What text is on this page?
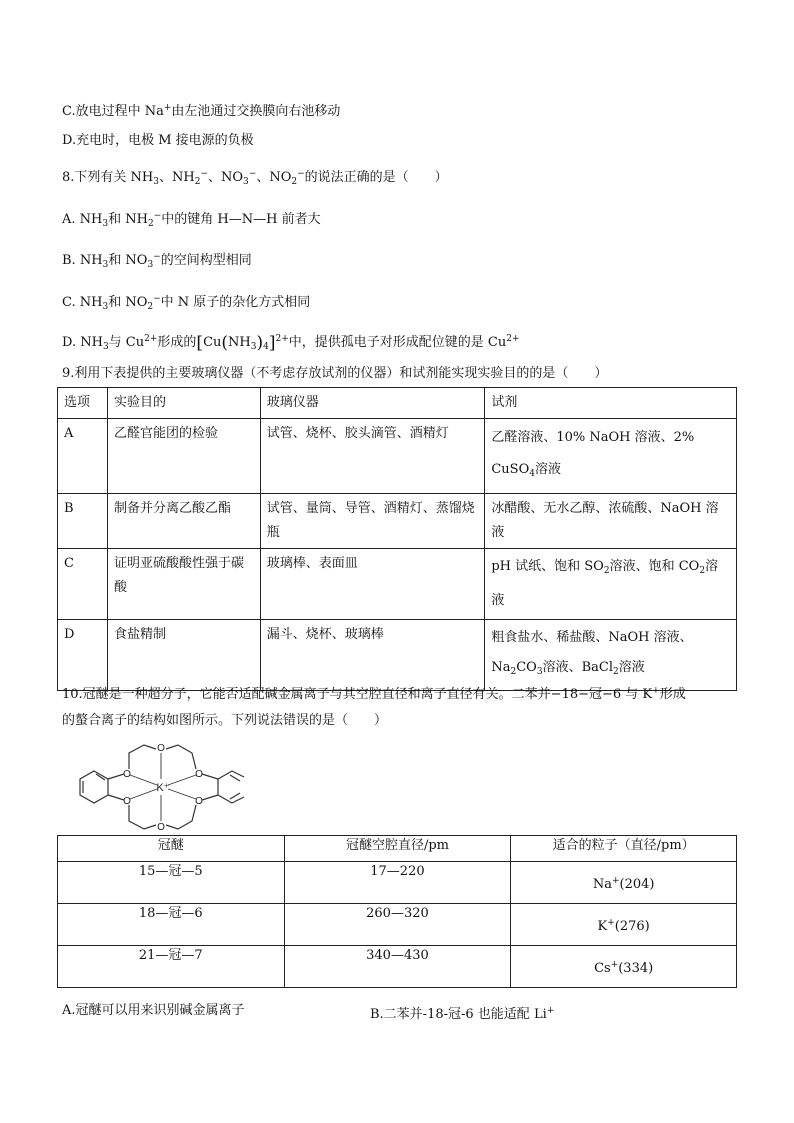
C.放电过程中 Na+由左池通过交换膜向右池移动
D.充电时，电极 M 接电源的负极
8.下列有关 $NH_3$、$NH_2^-$、$NO_3^-$、$NO_2^-$的说法正确的是（　　）
A. $NH_3$和 $NH_2^-$中的键角 H—N—H 前者大
B. $NH_3$和 $NO_3^-$的空间构型相同
C. $NH_3$和 $NO_2^-$中 N 原子的杂化方式相同
D. $NH_3$与 $Cu^{2+}$形成的$[Cu(NH_3)_4]^{2+}$中，提供孤电子对形成配位键的是 $Cu^{2+}$
9.利用下表提供的主要玻璃仪器（不考虑存放试剂的仪器）和试剂能实现实验目的的是（　　）
选项	实验目的	玻璃仪器	试剂
A	乙醛官能团的检验	试管、烧杯、胶头滴管、酒精灯	乙醛溶液、10% NaOH 溶液、2%
CuSO$_4$溶液
B	制备并分离乙酸乙酯	试管、量筒、导管、酒精灯、蒸馏烧瓶	冰醋酸、无水乙醇、浓硫酸、NaOH 溶液
C	证明亚硫酸酸性强于碳酸	玻璃棒、表面皿	pH 试纸、饱和 $SO_2$溶液、饱和 $CO_2$溶液
D	食盐精制	漏斗、烧杯、玻璃棒	粗食盐水、稀盐酸、NaOH 溶液、
$Na_2CO_3$溶液、BaCl$_2$溶液
10.冠醚是一种超分子，它能否适配碱金属离子与其空腔直径和离子直径有关。二苯并−18−冠−6 与 K+形成
的螯合离子的结构如图所示。下列说法错误的是（　　）
O
O
O
O
O
O
K⁺
冠醚	冠醚空腔直径/pm	适合的粒子（直径/pm）
15—冠—5	17—220	Na+(204)
18—冠—6	260—320	K+(276)
21—冠—7	340—430	Cs+(334)
A.冠醚可以用来识别碱金属离子	B.二苯并-18-冠-6 也能适配 Li+
